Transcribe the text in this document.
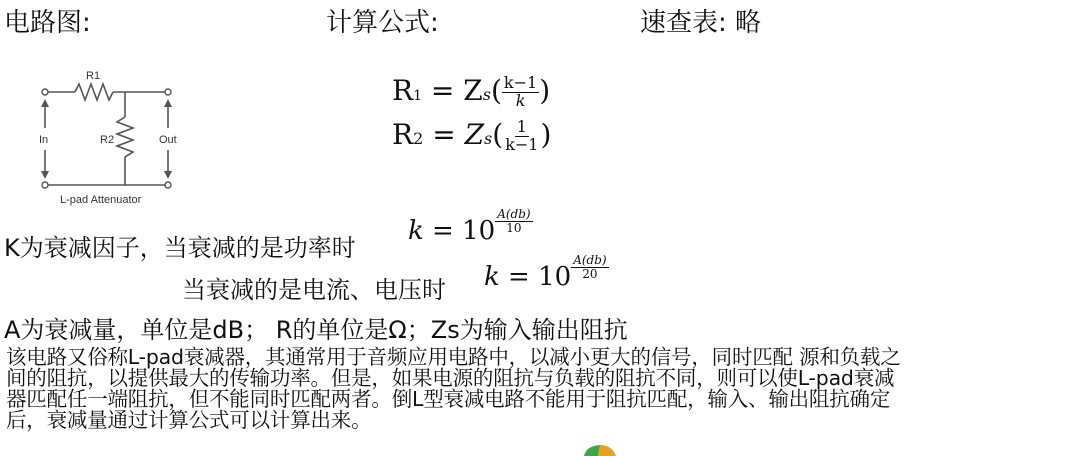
电路图:	计算公式:	速查表: 略
R1
R2
In	Out
L-pad Attenuator
$R1 = Zs( \frac{k-1}{k}$ )
$R2 = Zs( \frac{1}{k-1}$ )
K为衰减因子，当衰减的是功率时
$k = 10 \frac{A(db)}{10}$
当衰减的是电流、电压时 $k = 10 \frac{A(db)}{20}$
A为衰减量，单位是dB； R的单位是Ω；Zs为输入输出阻抗
该电路又俗称L-pad衰减器，其通常用于音频应用电路中，以减小更大的信号，同时匹配 源和负载之
间的阻抗，以提供最大的传输功率。但是，如果电源的阻抗与负载的阻抗不同，则可以使L-pad衰减
器匹配任一端阻抗，但不能同时匹配两者。倒L型衰减电路不能用于阻抗匹配，输入、输出阻抗确定
后，衰减量通过计算公式可以计算出来。
